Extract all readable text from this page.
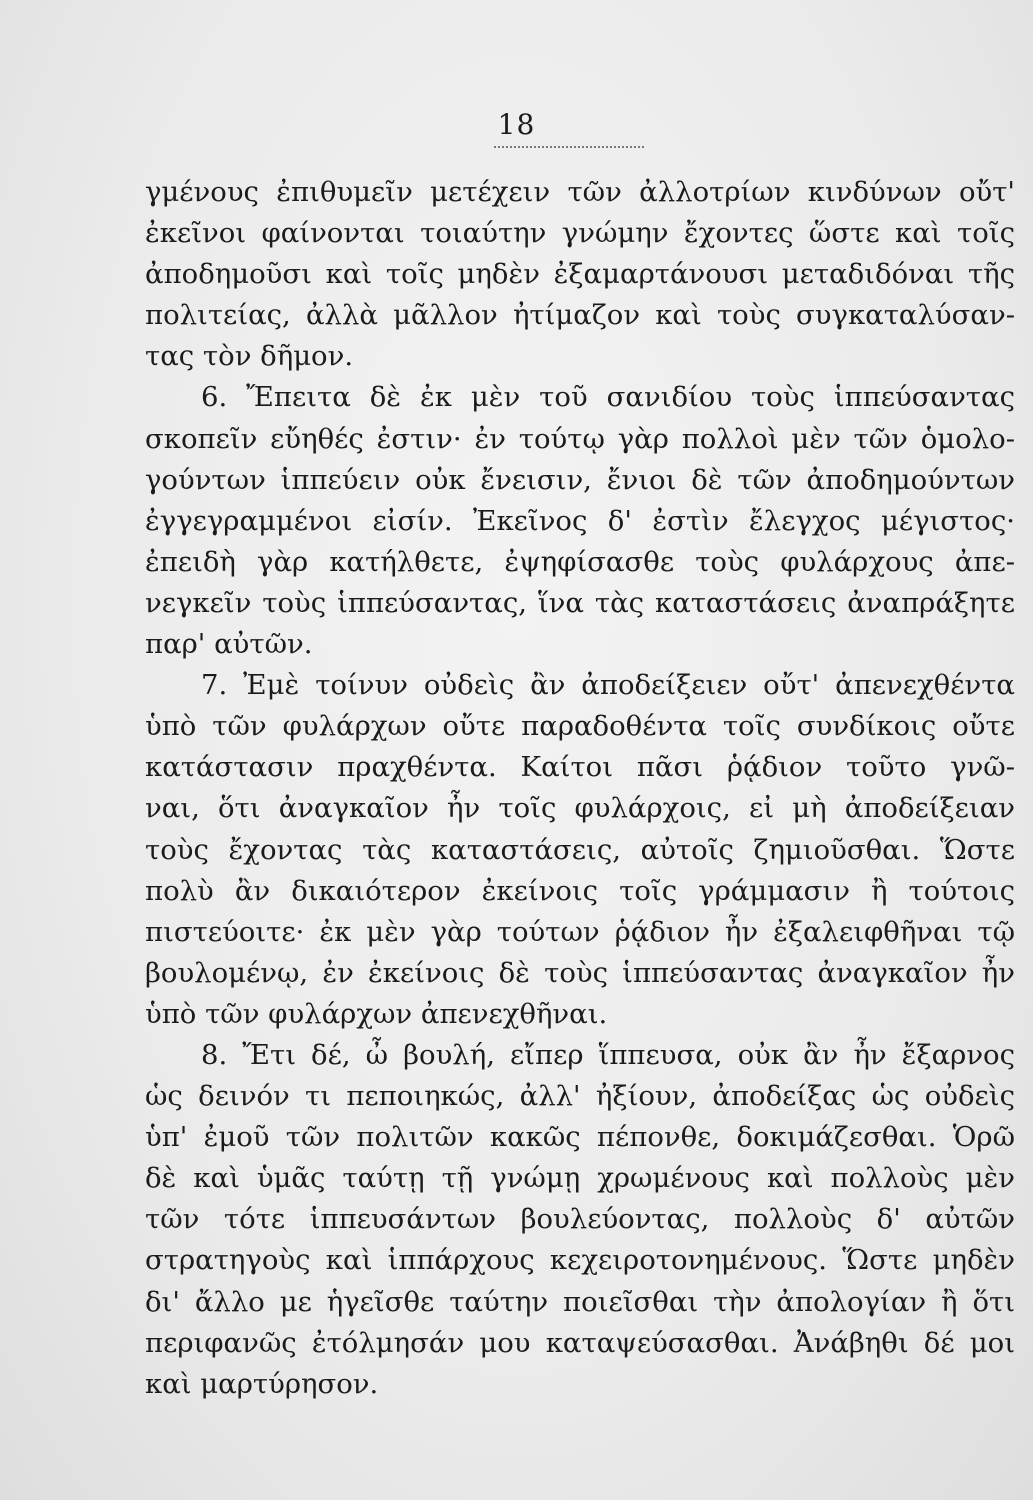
18
γμένους ἐπιθυμεῖν μετέχειν τῶν ἀλλοτρίων κινδύνων οὔτ'
ἐκεῖνοι φαίνονται τοιαύτην γνώμην ἔχοντες ὥστε καὶ τοῖς
ἀποδημοῦσι καὶ τοῖς μηδὲν ἐξαμαρτάνουσι μεταδιδόναι τῆς
πολιτείας, ἀλλὰ μᾶλλον ἠτίμαζον καὶ τοὺς συγκαταλύσαν-
τας τὸν δῆμον.
6. Ἔπειτα δὲ ἐκ μὲν τοῦ σανιδίου τοὺς ἱππεύσαντας
σκοπεῖν εὔηθές ἐστιν· ἐν τούτῳ γὰρ πολλοὶ μὲν τῶν ὁμολο-
γούντων ἱππεύειν οὐκ ἔνεισιν, ἔνιοι δὲ τῶν ἀποδημούντων
ἐγγεγραμμένοι εἰσίν. Ἐκεῖνος δ' ἐστὶν ἔλεγχος μέγιστος·
ἐπειδὴ γὰρ κατήλθετε, ἐψηφίσασθε τοὺς φυλάρχους ἀπε-
νεγκεῖν τοὺς ἱππεύσαντας, ἵνα τὰς καταστάσεις ἀναπράξητε
παρ' αὐτῶν.
7. Ἐμὲ τοίνυν οὐδεὶς ἂν ἀποδείξειεν οὔτ' ἀπενεχθέντα
ὑπὸ τῶν φυλάρχων οὔτε παραδοθέντα τοῖς συνδίκοις οὔτε
κατάστασιν πραχθέντα. Καίτοι πᾶσι ῥᾴδιον τοῦτο γνῶ-
ναι, ὅτι ἀναγκαῖον ἦν τοῖς φυλάρχοις, εἰ μὴ ἀποδείξειαν
τοὺς ἔχοντας τὰς καταστάσεις, αὐτοῖς ζημιοῦσθαι. Ὥστε
πολὺ ἂν δικαιότερον ἐκείνοις τοῖς γράμμασιν ἢ τούτοις
πιστεύοιτε· ἐκ μὲν γὰρ τούτων ῥᾴδιον ἦν ἐξαλειφθῆναι τῷ
βουλομένῳ, ἐν ἐκείνοις δὲ τοὺς ἱππεύσαντας ἀναγκαῖον ἦν
ὑπὸ τῶν φυλάρχων ἀπενεχθῆναι.
8. Ἔτι δέ, ὦ βουλή, εἴπερ ἵππευσα, οὐκ ἂν ἦν ἔξαρνος
ὡς δεινόν τι πεποιηκώς, ἀλλ' ἠξίουν, ἀποδείξας ὡς οὐδεὶς
ὑπ' ἐμοῦ τῶν πολιτῶν κακῶς πέπονθε, δοκιμάζεσθαι. Ὁρῶ
δὲ καὶ ὑμᾶς ταύτῃ τῇ γνώμῃ χρωμένους καὶ πολλοὺς μὲν
τῶν τότε ἱππευσάντων βουλεύοντας, πολλοὺς δ' αὐτῶν
στρατηγοὺς καὶ ἱππάρχους κεχειροτονημένους. Ὥστε μηδὲν
δι' ἄλλο με ἡγεῖσθε ταύτην ποιεῖσθαι τὴν ἀπολογίαν ἢ ὅτι
περιφανῶς ἐτόλμησάν μου καταψεύσασθαι. Ἀνάβηθι δέ μοι
καὶ μαρτύρησον.
